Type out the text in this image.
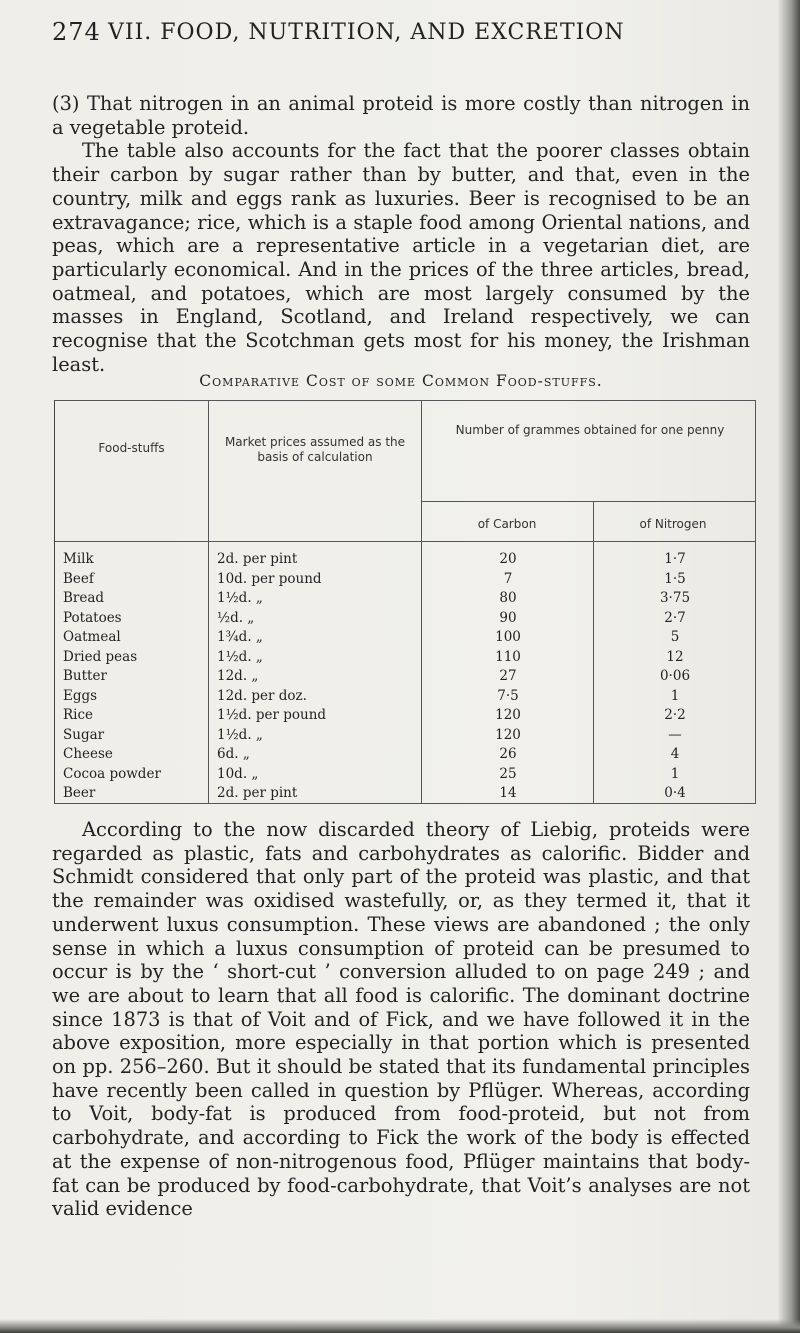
274 VII. FOOD, NUTRITION, AND EXCRETION

(3) That nitrogen in an animal proteid is more costly than nitrogen in a vegetable proteid.

The table also accounts for the fact that the poorer classes obtain their carbon by sugar rather than by butter, and that, even in the country, milk and eggs rank as luxuries. Beer is recognised to be an extravagance; rice, which is a staple food among Oriental nations, and peas, which are a representative article in a vegetarian diet, are particularly economical. And in the prices of the three articles, bread, oatmeal, and potatoes, which are most largely consumed by the masses in England, Scotland, and Ireland respectively, we can recognise that the Scotchman gets most for his money, the Irishman least.

Comparative Cost of some Common Food-stuffs.
Food-stuffs	Market prices assumed as the basis of calculation
Number of grammes obtained for one penny
of Carbon	of Nitrogen
Milk	2d. per pint	20	1·7
Beef	10d. per pound	7	1·5
Bread	1½d. „	80	3·75
Potatoes	½d. „	90	2·7
Oatmeal	1¾d. „	100	5
Dried peas	1½d. „	110	12
Butter	12d. „	27	0·06
Eggs	12d. per doz.	7·5	1
Rice	1½d. per pound	120	2·2
Sugar	1½d. „	120	—
Cheese	6d. „	26	4
Cocoa powder	10d. „	25	1
Beer	2d. per pint	14	0·4

According to the now discarded theory of Liebig, proteids were regarded as plastic, fats and carbohydrates as calorific. Bidder and Schmidt considered that only part of the proteid was plastic, and that the remainder was oxidised wastefully, or, as they termed it, that it underwent luxus consumption. These views are abandoned ; the only sense in which a luxus consumption of proteid can be presumed to occur is by the ‘ short-cut ’ conversion alluded to on page 249 ; and we are about to learn that all food is calorific. The dominant doctrine since 1873 is that of Voit and of Fick, and we have followed it in the above exposition, more especially in that portion which is presented on pp. 256–260. But it should be stated that its fundamental principles have recently been called in question by Pflüger. Whereas, according to Voit, body-fat is produced from food-proteid, but not from carbohydrate, and according to Fick the work of the body is effected at the expense of non-nitrogenous food, Pflüger maintains that body-fat can be produced by food-carbohydrate, that Voit’s analyses are not valid evidence
